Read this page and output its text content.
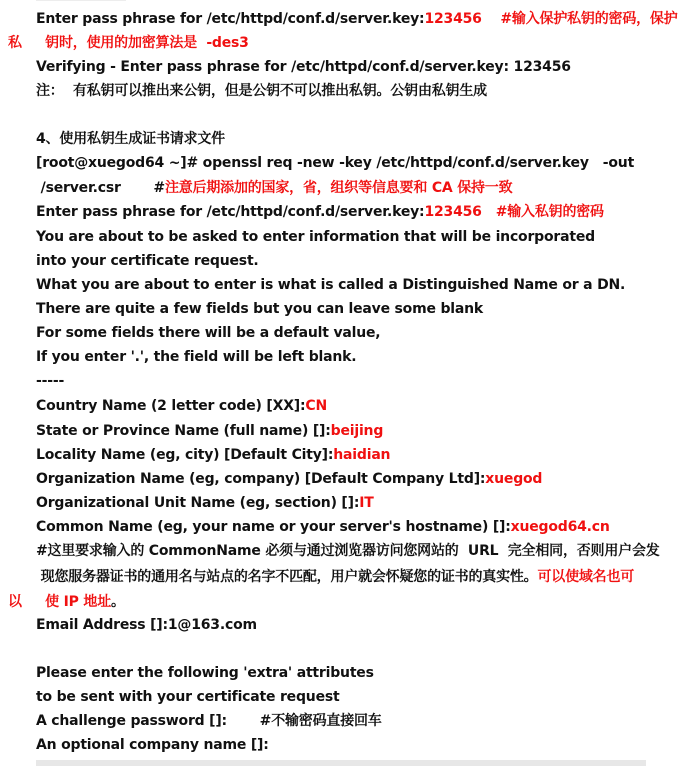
Enter pass phrase for /etc/httpd/conf.d/server.key:123456    #输入保护私钥的密码，保护
私     钥时，使用的加密算法是  -des3
Verifying - Enter pass phrase for /etc/httpd/conf.d/server.key: 123456
注：  有私钥可以推出来公钥，但是公钥不可以推出私钥。公钥由私钥生成
4、使用私钥生成证书请求文件
[root@xuegod64 ~]# openssl req -new -key /etc/httpd/conf.d/server.key   -out
/server.csr       #注意后期添加的国家，省，组织等信息要和 CA 保持一致
Enter pass phrase for /etc/httpd/conf.d/server.key:123456   #输入私钥的密码
You are about to be asked to enter information that will be incorporated
into your certificate request.
What you are about to enter is what is called a Distinguished Name or a DN.
There are quite a few fields but you can leave some blank
For some fields there will be a default value,
If you enter '.', the field will be left blank.
-----
Country Name (2 letter code) [XX]:CN
State or Province Name (full name) []:beijing
Locality Name (eg, city) [Default City]:haidian
Organization Name (eg, company) [Default Company Ltd]:xuegod
Organizational Unit Name (eg, section) []:IT
Common Name (eg, your name or your server's hostname) []:xuegod64.cn
#这里要求输入的 CommonName 必须与通过浏览器访问您网站的  URL  完全相同，否则用户会发
现您服务器证书的通用名与站点的名字不匹配，用户就会怀疑您的证书的真实性。可以使域名也可
以     使 IP 地址。
Email Address []:1@163.com
Please enter the following 'extra' attributes
to be sent with your certificate request
A challenge password []:       #不输密码直接回车
An optional company name []:
